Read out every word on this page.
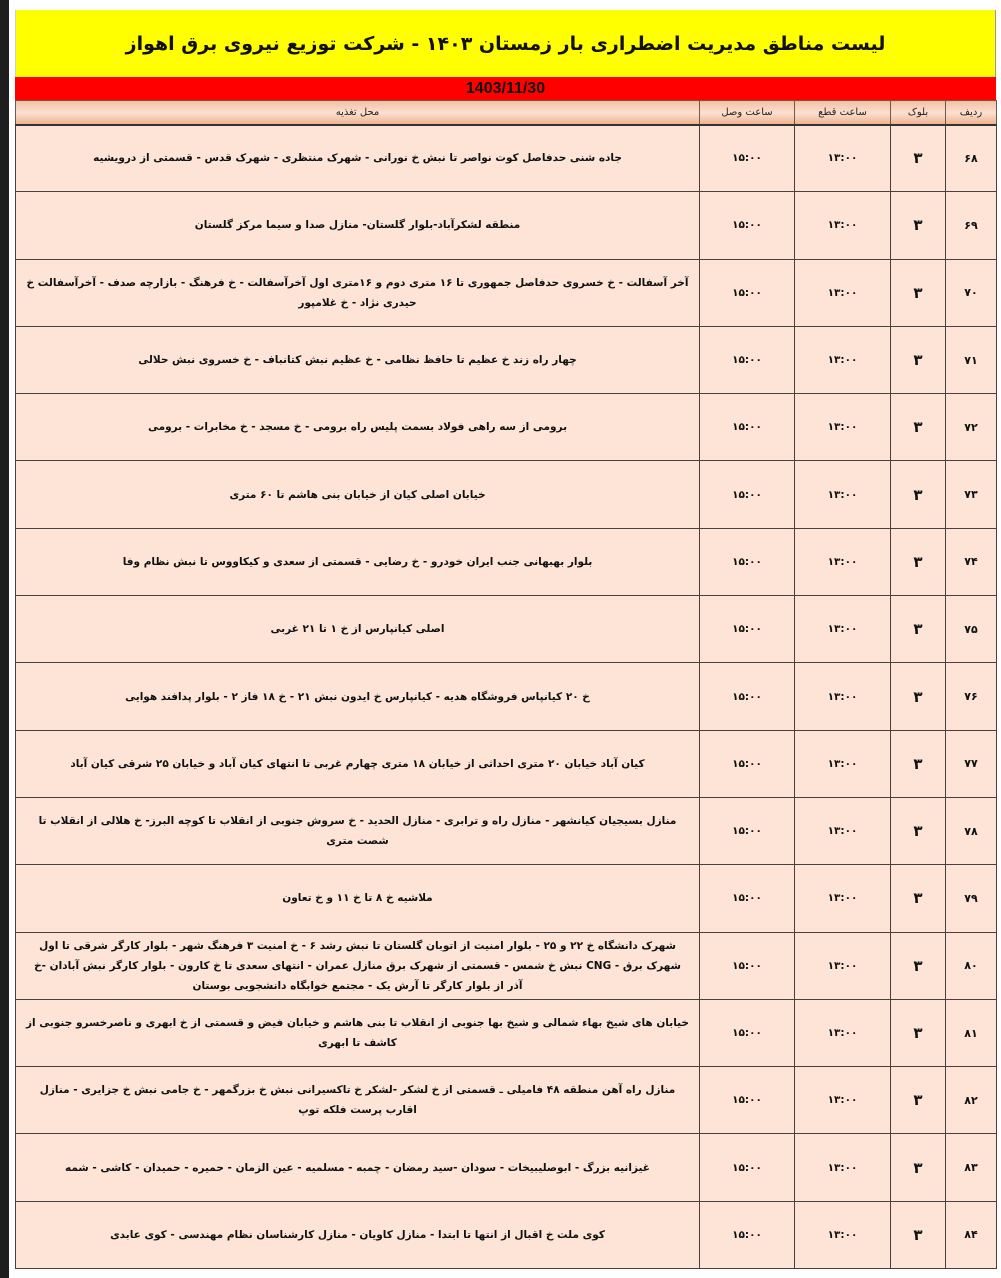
لیست مناطق مدیریت اضطراری بار زمستان ۱۴۰۳ - شرکت توزیع نیروی برق اهواز
1403/11/30
ردیف	بلوک	ساعت قطع	ساعت وصل	محل تغذیه
۶۸	۳	۱۳:۰۰	۱۵:۰۰	جاده شنی حدفاصل کوت نواصر تا نبش خ نورانی - شهرک منتظری - شهرک قدس - قسمتی از درویشیه
۶۹	۳	۱۳:۰۰	۱۵:۰۰	منطقه لشکرآباد-بلوار گلستان- منازل صدا و سیما مرکز گلستان
۷۰	۳	۱۳:۰۰	۱۵:۰۰	آخر آسفالت - خ خسروی حدفاصل جمهوری تا ۱۶ متری دوم و ۱۶متری اول آخرآسفالت - خ فرهنگ - بازارچه صدف - آخرآسفالت خ حیدری نژاد - خ غلامپور
۷۱	۳	۱۳:۰۰	۱۵:۰۰	چهار راه زند خ عظیم تا حافظ نظامی - خ عظیم نبش کتانباف - خ خسروی نبش حلالی
۷۲	۳	۱۳:۰۰	۱۵:۰۰	برومی از سه راهی فولاد بسمت پلیس راه برومی - خ مسجد - خ مخابرات - برومی
۷۳	۳	۱۳:۰۰	۱۵:۰۰	خیابان اصلی کیان از خیابان بنی هاشم تا ۶۰ متری
۷۴	۳	۱۳:۰۰	۱۵:۰۰	بلوار بهبهانی جنب ایران خودرو - خ رضایی - قسمتی از سعدی و کیکاووس تا نبش نظام وفا
۷۵	۳	۱۳:۰۰	۱۵:۰۰	اصلی کیانپارس از خ ۱ تا ۲۱ غربی
۷۶	۳	۱۳:۰۰	۱۵:۰۰	خ ۲۰ کیانپاس فروشگاه هدیه - کیانپارس خ ایدون نبش ۲۱ - خ ۱۸ فاز ۲ - بلوار پدافند هوایی
۷۷	۳	۱۳:۰۰	۱۵:۰۰	کیان آباد خیابان ۲۰ متری احداثی از خیابان ۱۸ متری چهارم غربی تا انتهای کیان آباد و خیابان ۲۵ شرقی کیان آباد
۷۸	۳	۱۳:۰۰	۱۵:۰۰	منازل بسیجیان کیانشهر - منازل راه و ترابری - منازل الحدید - خ سروش جنوبی از انقلاب تا کوچه البرز- خ هلالی از انقلاب تا شصت متری
۷۹	۳	۱۳:۰۰	۱۵:۰۰	ملاشیه خ ۸ تا خ ۱۱ و خ تعاون
۸۰	۳	۱۳:۰۰	۱۵:۰۰	شهرک دانشگاه خ ۲۲ و ۲۵ - بلوار امنیت از اتوبان گلستان تا نبش رشد ۶ - خ امنیت ۳ فرهنگ شهر - بلوار کارگر شرقی تا اول شهرک برق - CNG نبش خ شمس - قسمتی از شهرک برق منازل عمران - انتهای سعدی تا خ کارون - بلوار کارگر نبش آبادان -خ آذر از بلوار کارگر تا آرش یک - مجتمع خوابگاه دانشجویی بوستان
۸۱	۳	۱۳:۰۰	۱۵:۰۰	خیابان های شیخ بهاء شمالی و شیخ بها جنوبی از انقلاب تا بنی هاشم و خیابان فیض و قسمتی از خ ابهری و ناصرخسرو جنوبی از کاشف تا ابهری
۸۲	۳	۱۳:۰۰	۱۵:۰۰	منازل راه آهن منطقه ۴۸ فامیلی ـ قسمتی از خ لشکر -لشکر خ تاکسیرانی نبش خ بزرگمهر - خ جامی نبش خ جزایری - منازل اقارب پرست فلکه توپ
۸۳	۳	۱۳:۰۰	۱۵:۰۰	غیزانیه بزرگ - ابوصلیبیخات - سودان -سید رمضان - چمبه - مسلمیه - عین الزمان - حمیره - حمیدان - کاشی - شمه
۸۴	۳	۱۳:۰۰	۱۵:۰۰	کوی ملت خ اقبال از انتها تا ابتدا - منازل کاویان - منازل کارشناسان نظام مهندسی - کوی عابدی
